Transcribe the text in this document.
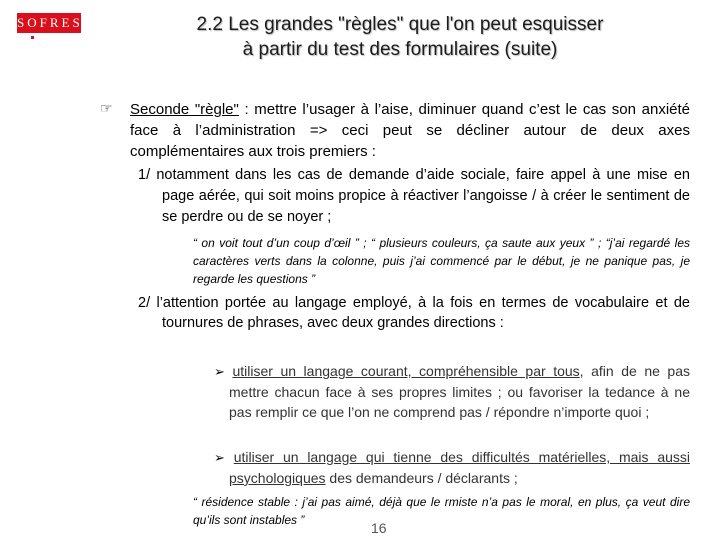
SOFRES	2.2 Les grandes "règles" que l'on peut esquisser
à partir du test des formulaires (suite)
☞ Seconde "règle" : mettre l’usager à l’aise, diminuer quand c’est le cas son anxiété face à l’administration => ceci peut se décliner autour de deux axes complémentaires aux trois premiers :

1/ notamment dans les cas de demande d’aide sociale, faire appel à une mise en page aérée, qui soit moins propice à réactiver l’angoisse / à créer le sentiment de se perdre ou de se noyer ;

“ on voit tout d’un coup d’œil ” ; “ plusieurs couleurs, ça saute aux yeux ” ; “j’ai regardé les caractères verts dans la colonne, puis j’ai commencé par le début, je ne panique pas, je regarde les questions ”

2/ l’attention portée au langage employé, à la fois en termes de vocabulaire et de tournures de phrases, avec deux grandes directions :

➢ utiliser un langage courant, compréhensible par tous, afin de ne pas mettre chacun face à ses propres limites ; ou favoriser la tedance à ne pas remplir ce que l’on ne comprend pas / répondre n’importe quoi ;

➢ utiliser un langage qui tienne des difficultés matérielles, mais aussi psychologiques des demandeurs / déclarants ;

“ résidence stable : j’ai pas aimé, déjà que le rmiste n’a pas le moral, en plus, ça veut dire qu’ils sont instables ”	16
